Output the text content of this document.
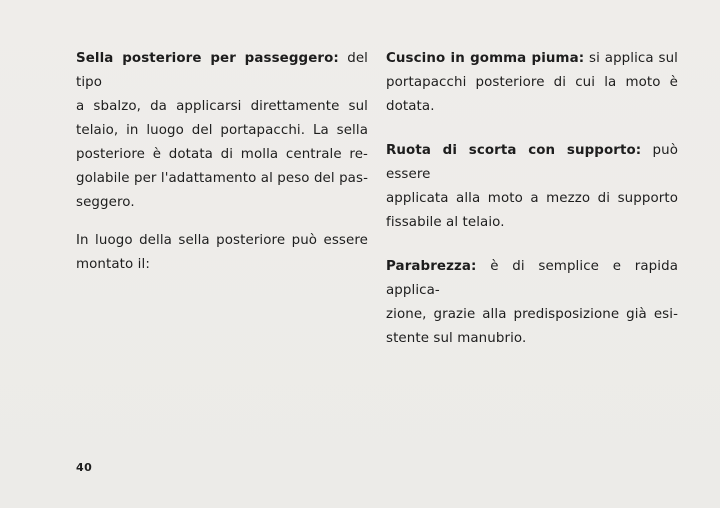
Sella posteriore per passeggero: del tipo
a sbalzo, da applicarsi direttamente sul
telaio, in luogo del portapacchi. La sella
posteriore è dotata di molla centrale re-
golabile per l'adattamento al peso del pas-
seggero.
In luogo della sella posteriore può essere
montato il:
Cuscino in gomma piuma: si applica sul
portapacchi posteriore di cui la moto è
dotata.
Ruota di scorta con supporto: può essere
applicata alla moto a mezzo di supporto
fissabile al telaio.
Parabrezza: è di semplice e rapida applica-
zione, grazie alla predisposizione già esi-
stente sul manubrio.
40
